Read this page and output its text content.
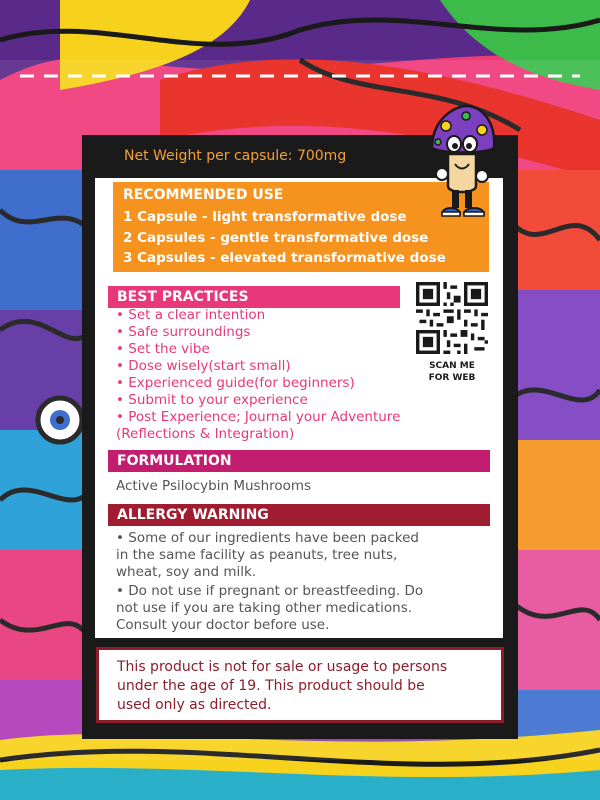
Net Weight per capsule: 700mg
RECOMMENDED USE
1 Capsule - light transformative dose
2 Capsules - gentle transformative dose
3 Capsules - elevated transformative dose
BEST PRACTICES
• Set a clear intention
• Safe surroundings
• Set the vibe
• Dose wisely(start small)
• Experienced guide(for beginners)
• Submit to your experience
• Post Experience; Journal your Adventure
(Reflections & Integration)
SCAN ME
FOR WEB
FORMULATION
Active Psilocybin Mushrooms
ALLERGY WARNING
• Some of our ingredients have been packed
in the same facility as peanuts, tree nuts,
wheat, soy and milk.
• Do not use if pregnant or breastfeeding. Do
not use if you are taking other medications.
Consult your doctor before use.
This product is not for sale or usage to persons
under the age of 19. This product should be
used only as directed.
